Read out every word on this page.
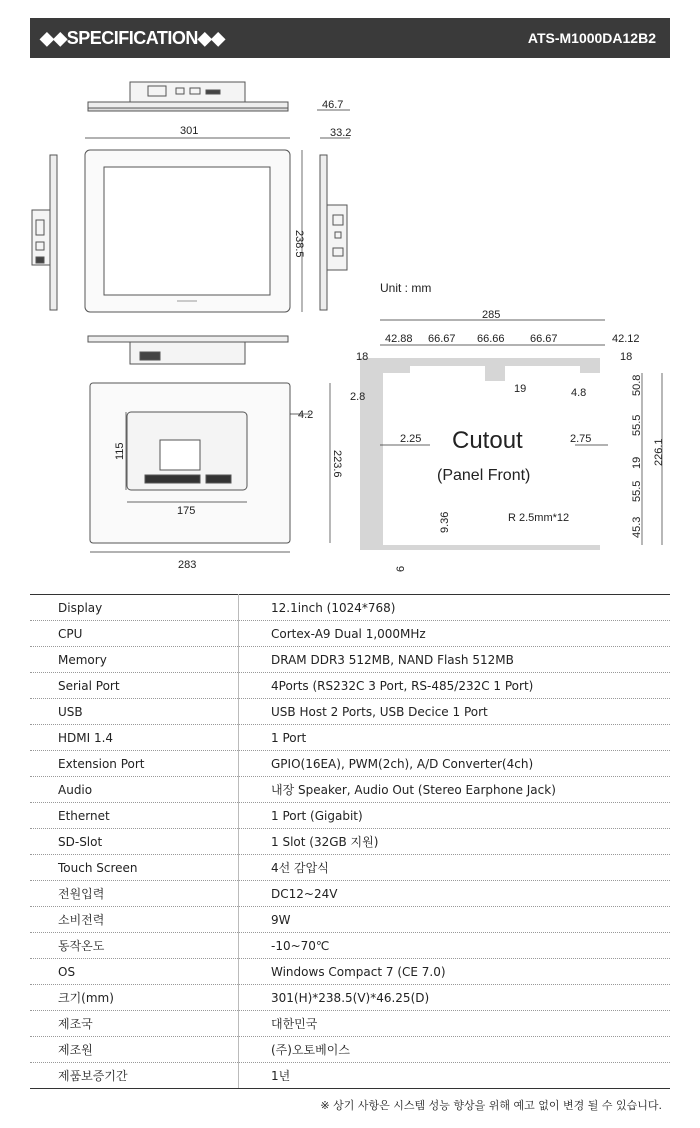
◆◆SPECIFICATION◆◆	ATS-M1000DA12B2
301
46.7
33.2
238.5
115
175
283
223.6
4.2
Unit : mm
285
42.88 66.67 66.66 66.67	42.12
18	18
19	4.8
2.8
2.25	2.75
R 2.5mm*12
9.36
6
50.8
55.5
19
55.5
45.3
226.1
Cutout
(Panel Front)
Display	12.1inch (1024*768)
CPU	Cortex-A9 Dual 1,000MHz
Memory	DRAM DDR3 512MB, NAND Flash 512MB
Serial Port	4Ports (RS232C 3 Port, RS-485/232C 1 Port)
USB	USB Host 2 Ports, USB Decice 1 Port
HDMI 1.4	1 Port
Extension Port	GPIO(16EA), PWM(2ch), A/D Converter(4ch)
Audio	내장 Speaker, Audio Out (Stereo Earphone Jack)
Ethernet	1 Port (Gigabit)
SD-Slot	1 Slot (32GB 지원)
Touch Screen	4선 감압식
전원입력	DC12~24V
소비전력	9W
동작온도	-10~70℃
OS	Windows Compact 7 (CE 7.0)
크기(mm)	301(H)*238.5(V)*46.25(D)
제조국	대한민국
제조원	(주)오토베이스
제품보증기간	1년
※ 상기 사항은 시스템 성능 향상을 위해 예고 없이 변경 될 수 있습니다.
